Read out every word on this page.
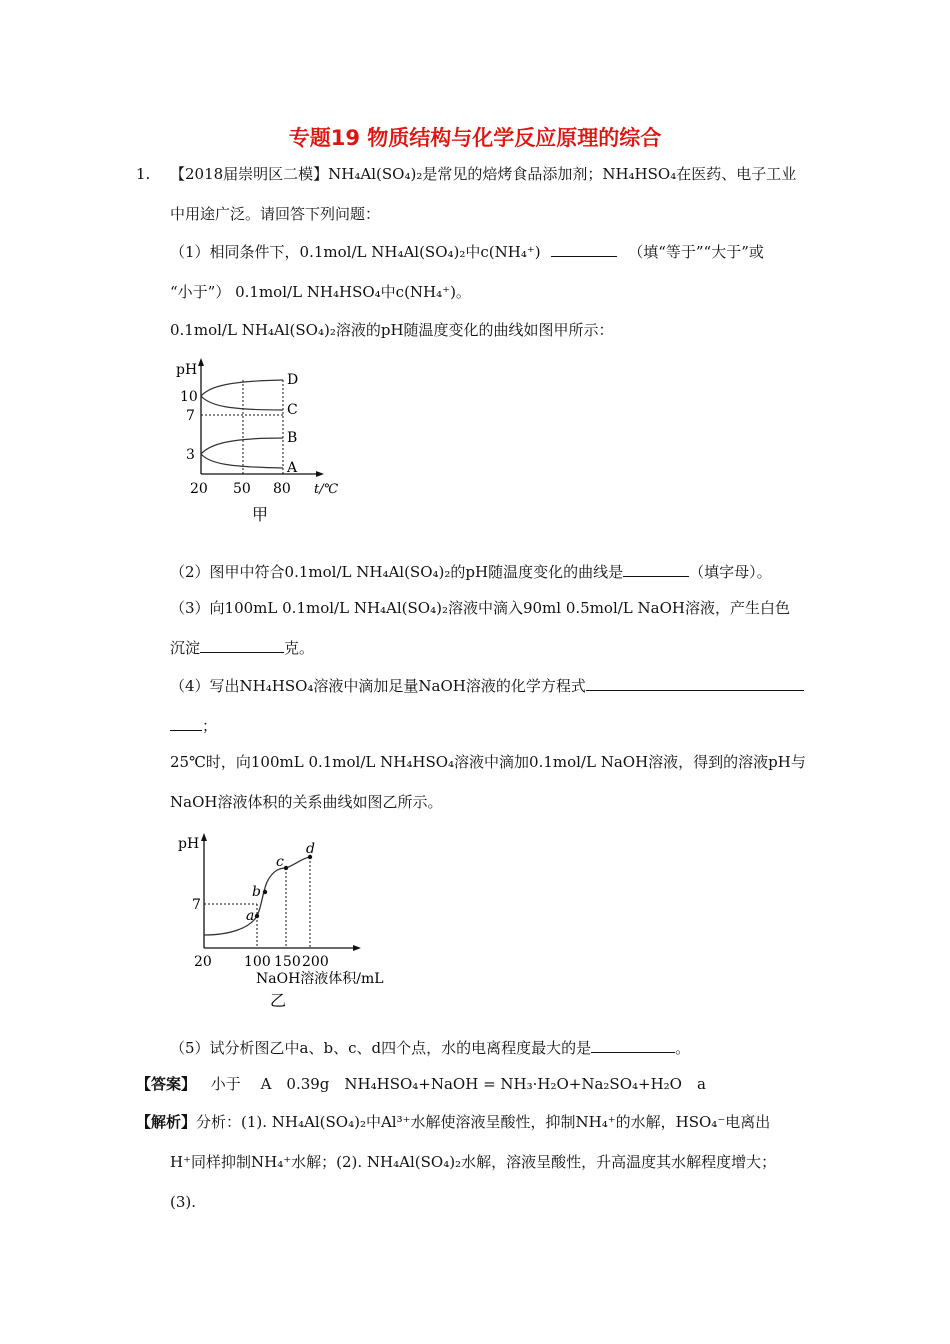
专题19 物质结构与化学反应原理的综合
1. 【2018届崇明区二模】NH₄Al(SO₄)₂是常见的焙烤食品添加剂；NH₄HSO₄在医药、电子工业
中用途广泛。请回答下列问题：
（1）相同条件下，0.1mol/L NH₄Al(SO₄)₂中c(NH₄⁺)	（填“等于”“大于”或
“小于”） 0.1mol/L NH₄HSO₄中c(NH₄⁺)。
0.1mol/L NH₄Al(SO₄)₂溶液的pH随温度变化的曲线如图甲所示：
pH
10
7
3
D
C
B
A
20 50 80 t/℃
甲
（2）图甲中符合0.1mol/L NH₄Al(SO₄)₂的pH随温度变化的曲线是	（填字母）。
（3）向100mL 0.1mol/L NH₄Al(SO₄)₂溶液中滴入90ml 0.5mol/L NaOH溶液，产生白色
沉淀	克。
（4）写出NH₄HSO₄溶液中滴加足量NaOH溶液的化学方程式
；
25℃时，向100mL 0.1mol/L NH₄HSO₄溶液中滴加0.1mol/L NaOH溶液，得到的溶液pH与
NaOH溶液体积的关系曲线如图乙所示。
pH
7
a
b
c
d
20 100 150 200
NaOH溶液体积/mL
乙
（5）试分析图乙中a、b、c、d四个点，水的电离程度最大的是	。
【答案】 小于　 A　0.39g　NH₄HSO₄+NaOH = NH₃·H₂O+Na₂SO₄+H₂O　a
【解析】分析：(1). NH₄Al(SO₄)₂中Al³⁺水解使溶液呈酸性，抑制NH₄⁺的水解，HSO₄⁻电离出
H⁺同样抑制NH₄⁺水解；(2). NH₄Al(SO₄)₂水解，溶液呈酸性，升高温度其水解程度增大；
(3).
